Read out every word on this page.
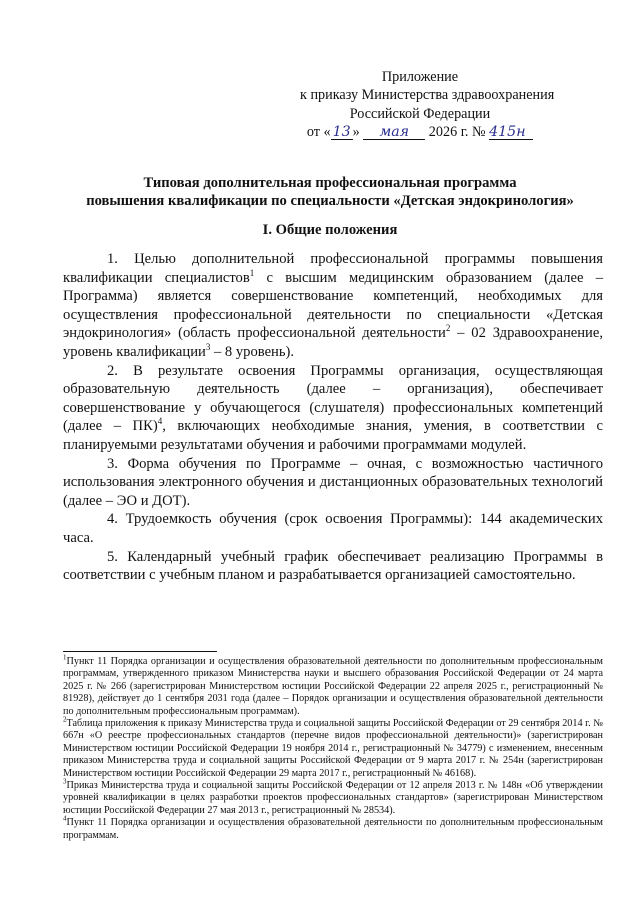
Приложение
к приказу Министерства здравоохранения
Российской Федерации
от « 13 » мая 2026 г. № 415н
Типовая дополнительная профессиональная программа
повышения квалификации по специальности «Детская эндокринология»
I. Общие положения

1. Целью дополнительной профессиональной программы повышения квалификации специалистов$^1$ с высшим медицинским образованием (далее – Программа) является совершенствование компетенций, необходимых для осуществления профессиональной деятельности по специальности «Детская эндокринология» (область профессиональной деятельности$^2$ – 02 Здравоохранение, уровень квалификации$^3$ – 8 уровень).

2. В результате освоения Программы организация, осуществляющая образовательную деятельность (далее – организация), обеспечивает совершенствование у обучающегося (слушателя) профессиональных компетенций (далее – ПК)$^4$, включающих необходимые знания, умения, в соответствии с планируемыми результатами обучения и рабочими программами модулей.

3. Форма обучения по Программе – очная, с возможностью частичного использования электронного обучения и дистанционных образовательных технологий (далее – ЭО и ДОТ).

4. Трудоемкость обучения (срок освоения Программы): 144 академических часа.

5. Календарный учебный график обеспечивает реализацию Программы в соответствии с учебным планом и разрабатывается организацией самостоятельно.

$^1$Пункт 11 Порядка организации и осуществления образовательной деятельности по дополнительным профессиональным программам, утвержденного приказом Министерства науки и высшего образования Российской Федерации от 24 марта 2025 г. № 266 (зарегистрирован Министерством юстиции Российской Федерации 22 апреля 2025 г., регистрационный № 81928), действует до 1 сентября 2031 года (далее – Порядок организации и осуществления образовательной деятельности по дополнительным профессиональным программам).

$^2$Таблица приложения к приказу Министерства труда и социальной защиты Российской Федерации от 29 сентября 2014 г. № 667н «О реестре профессиональных стандартов (перечне видов профессиональной деятельности)» (зарегистрирован Министерством юстиции Российской Федерации 19 ноября 2014 г., регистрационный № 34779) с изменением, внесенным приказом Министерства труда и социальной защиты Российской Федерации от 9 марта 2017 г. № 254н (зарегистрирован Министерством юстиции Российской Федерации 29 марта 2017 г., регистрационный № 46168).

$^3$Приказ Министерства труда и социальной защиты Российской Федерации от 12 апреля 2013 г. № 148н «Об утверждении уровней квалификации в целях разработки проектов профессиональных стандартов» (зарегистрирован Министерством юстиции Российской Федерации 27 мая 2013 г., регистрационный № 28534).

$^4$Пункт 11 Порядка организации и осуществления образовательной деятельности по дополнительным профессиональным программам.
